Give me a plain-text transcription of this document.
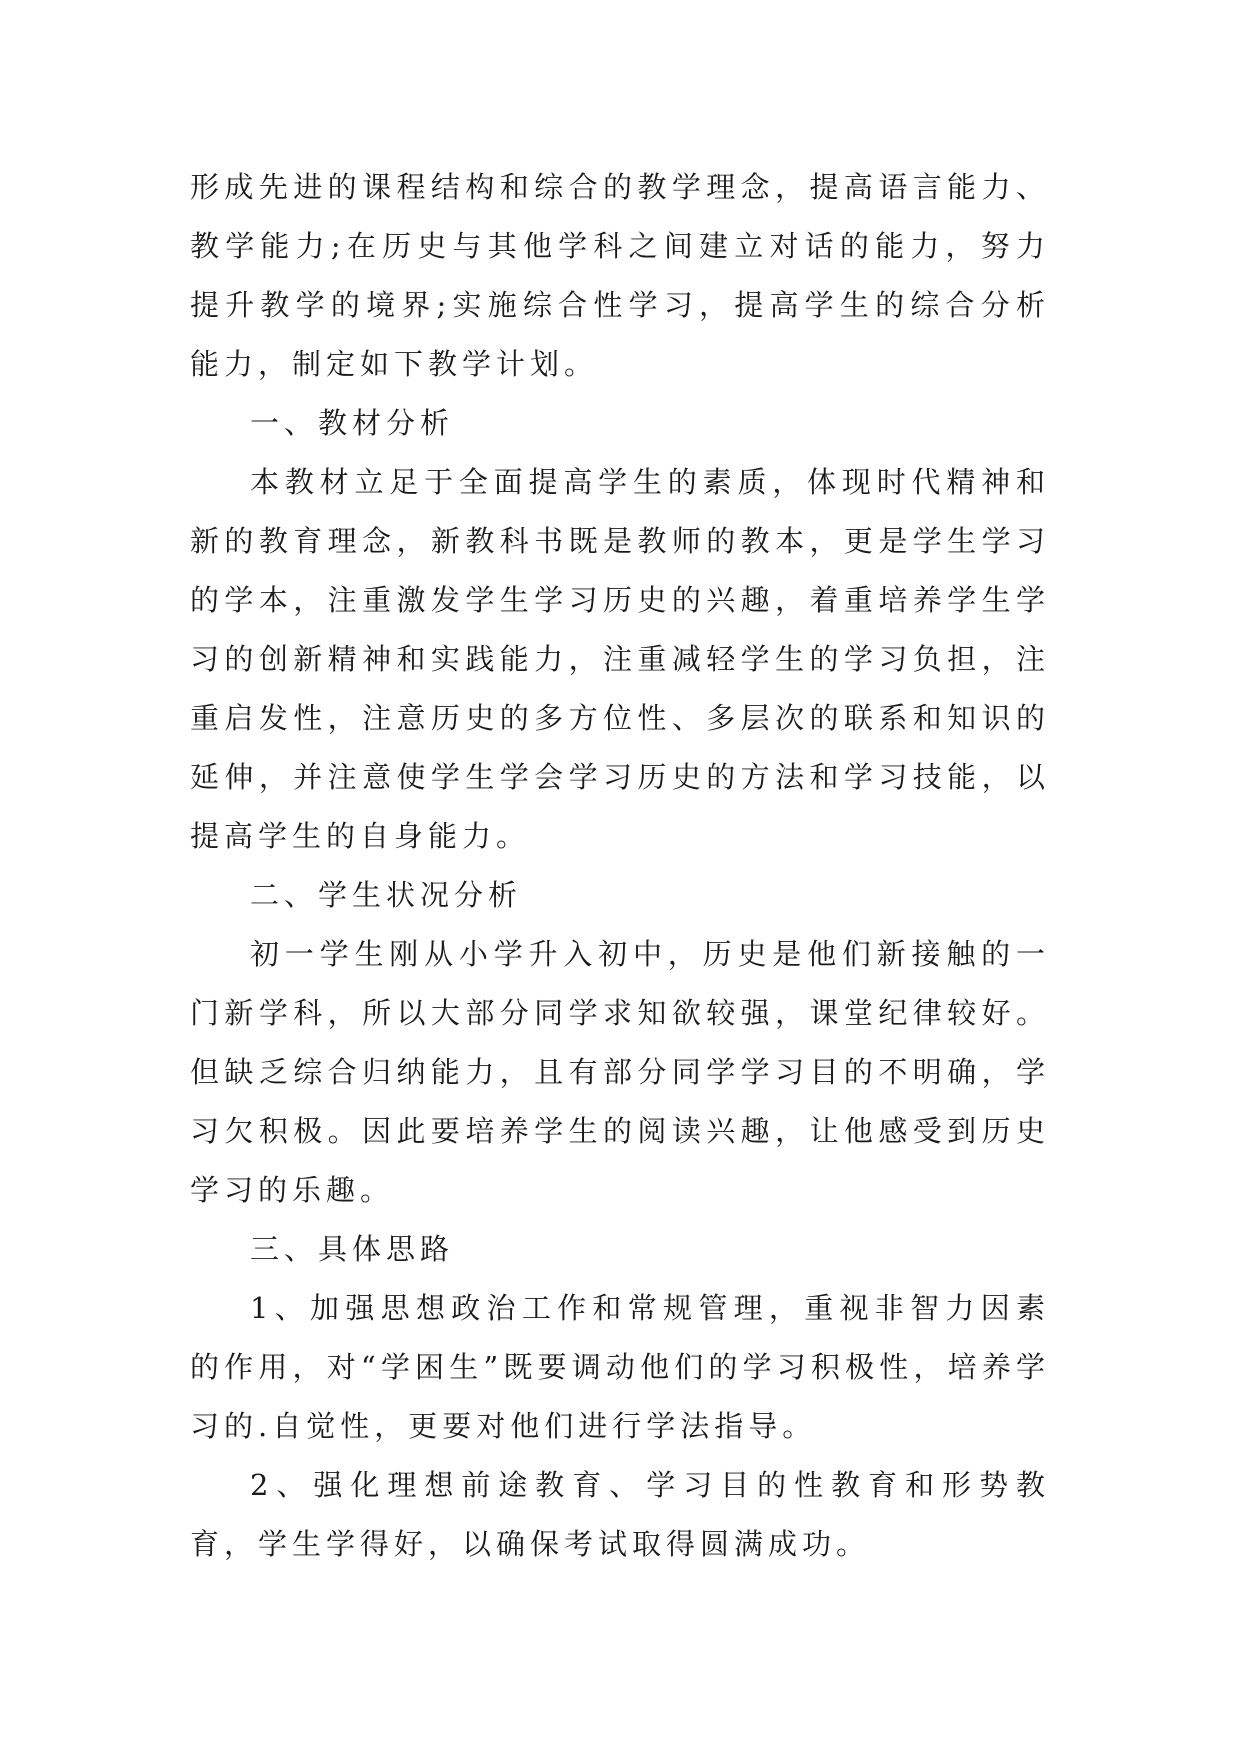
形成先进的课程结构和综合的教学理念，提高语言能力、教学能力;在历史与其他学科之间建立对话的能力，努力提升教学的境界;实施综合性学习，提高学生的综合分析能力，制定如下教学计划。

一、教材分析

本教材立足于全面提高学生的素质，体现时代精神和新的教育理念，新教科书既是教师的教本，更是学生学习的学本，注重激发学生学习历史的兴趣，着重培养学生学习的创新精神和实践能力，注重减轻学生的学习负担，注重启发性，注意历史的多方位性、多层次的联系和知识的延伸，并注意使学生学会学习历史的方法和学习技能，以提高学生的自身能力。

二、学生状况分析

初一学生刚从小学升入初中，历史是他们新接触的一门新学科，所以大部分同学求知欲较强，课堂纪律较好。但缺乏综合归纳能力，且有部分同学学习目的不明确，学习欠积极。因此要培养学生的阅读兴趣，让他感受到历史学习的乐趣。

三、具体思路

1、加强思想政治工作和常规管理，重视非智力因素的作用，对“学困生”既要调动他们的学习积极性，培养学习的.自觉性，更要对他们进行学法指导。

2、强化理想前途教育、学习目的性教育和形势教育，学生学得好，以确保考试取得圆满成功。
